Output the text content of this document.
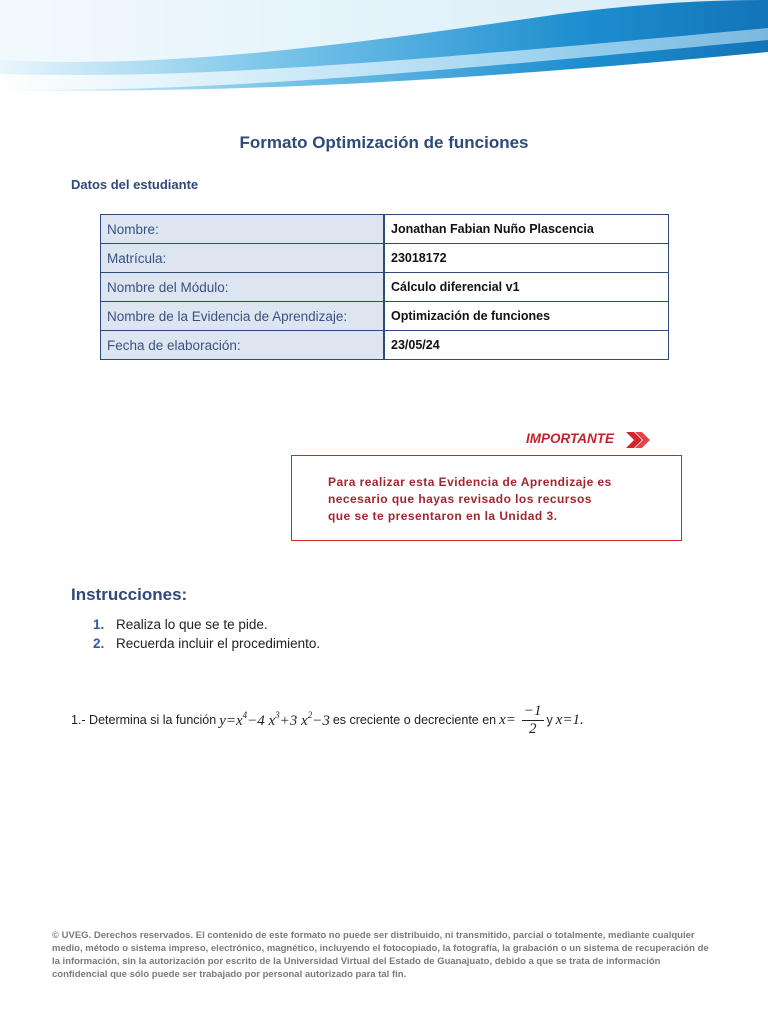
Formato Optimización de funciones
Datos del estudiante
Nombre:	Jonathan Fabian Nuño Plascencia
Matrícula:	23018172
Nombre del Módulo:	Cálculo diferencial v1
Nombre de la Evidencia de Aprendizaje:	Optimización de funciones
Fecha de elaboración:	23/05/24
IMPORTANTE
Para realizar esta Evidencia de Aprendizaje es
necesario que hayas revisado los recursos
que se te presentaron en la Unidad 3.
Instrucciones:
1. Realiza lo que se te pide.
2. Recuerda incluir el procedimiento.
1.- Determina si la función $y=x^4-4$ $x^3+3$ $x^2-3$ es creciente o decreciente en $x= \frac{-1}{2}$ y x=1.
© UVEG. Derechos reservados. El contenido de este formato no puede ser distribuido, ni transmitido, parcial o totalmente, mediante cualquier medio, método o sistema impreso, electrónico, magnético, incluyendo el fotocopiado, la fotografía, la grabación o un sistema de recuperación de la información, sin la autorización por escrito de la Universidad Virtual del Estado de Guanajuato, debido a que se trata de información confidencial que sólo puede ser trabajado por personal autorizado para tal fin.
